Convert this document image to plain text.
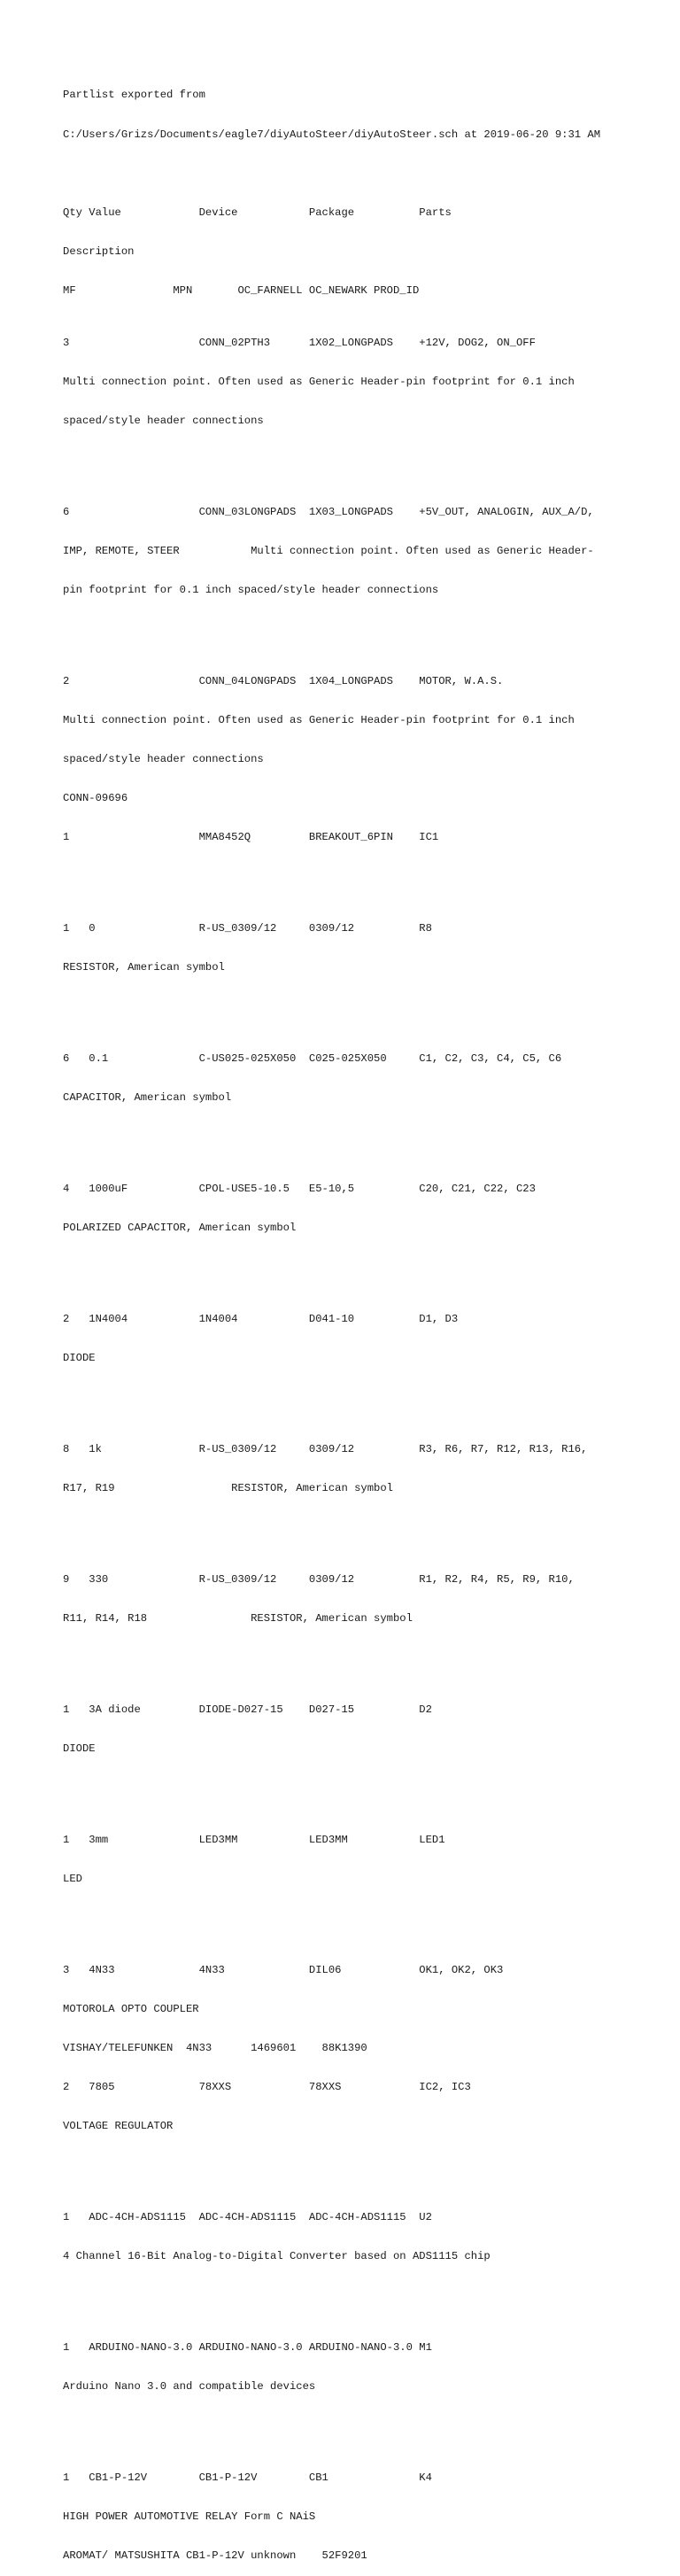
Partlist exported from

C:/Users/Grizs/Documents/eagle7/diyAutoSteer/diyAutoSteer.sch at 2019-06-20 9:31 AM

Qty Value            Device           Package          Parts

Description

MF               MPN       OC_FARNELL OC_NEWARK PROD_ID

3                    CONN_02PTH3      1X02_LONGPADS    +12V, DOG2, ON_OFF

Multi connection point. Often used as Generic Header-pin footprint for 0.1 inch

spaced/style header connections

6                    CONN_03LONGPADS  1X03_LONGPADS    +5V_OUT, ANALOGIN, AUX_A/D,

IMP, REMOTE, STEER           Multi connection point. Often used as Generic Header-

pin footprint for 0.1 inch spaced/style header connections

2                    CONN_04LONGPADS  1X04_LONGPADS    MOTOR, W.A.S.

Multi connection point. Often used as Generic Header-pin footprint for 0.1 inch

spaced/style header connections

CONN-09696

1                    MMA8452Q         BREAKOUT_6PIN    IC1

1   0                R-US_0309/12     0309/12          R8

RESISTOR, American symbol

6   0.1              C-US025-025X050  C025-025X050     C1, C2, C3, C4, C5, C6

CAPACITOR, American symbol

4   1000uF           CPOL-USE5-10.5   E5-10,5          C20, C21, C22, C23

POLARIZED CAPACITOR, American symbol

2   1N4004           1N4004           D041-10          D1, D3

DIODE

8   1k               R-US_0309/12     0309/12          R3, R6, R7, R12, R13, R16,

R17, R19                  RESISTOR, American symbol

9   330              R-US_0309/12     0309/12          R1, R2, R4, R5, R9, R10,

R11, R14, R18                RESISTOR, American symbol

1   3A diode         DIODE-D027-15    D027-15          D2

DIODE

1   3mm              LED3MM           LED3MM           LED1

LED

3   4N33             4N33             DIL06            OK1, OK2, OK3

MOTOROLA OPTO COUPLER

VISHAY/TELEFUNKEN  4N33      1469601    88K1390

2   7805             78XXS            78XXS            IC2, IC3

VOLTAGE REGULATOR

1   ADC-4CH-ADS1115  ADC-4CH-ADS1115  ADC-4CH-ADS1115  U2

4 Channel 16-Bit Analog-to-Digital Converter based on ADS1115 chip

1   ARDUINO-NANO-3.0 ARDUINO-NANO-3.0 ARDUINO-NANO-3.0 M1

Arduino Nano 3.0 and compatible devices

1   CB1-P-12V        CB1-P-12V        CB1              K4

HIGH POWER AUTOMOTIVE RELAY Form C NAiS

AROMAT/ MATSUSHITA CB1-P-12V unknown    52F9201
